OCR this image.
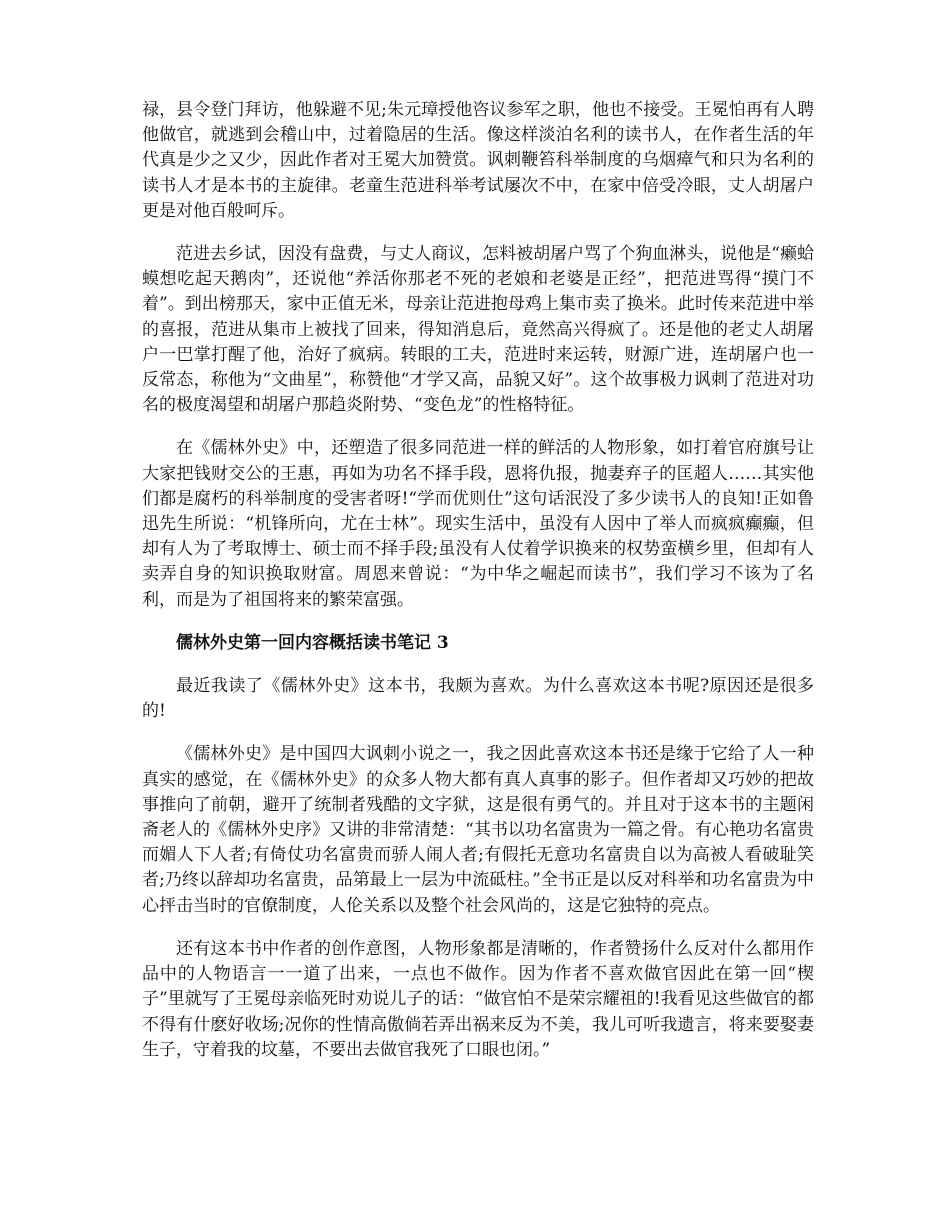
禄，县令登门拜访，他躲避不见;朱元璋授他咨议参军之职，他也不接受。王冕怕再有人聘他做官，就逃到会稽山中，过着隐居的生活。像这样淡泊名利的读书人，在作者生活的年代真是少之又少，因此作者对王冕大加赞赏。讽刺鞭笞科举制度的乌烟瘴气和只为名利的读书人才是本书的主旋律。老童生范进科举考试屡次不中，在家中倍受冷眼，丈人胡屠户更是对他百般呵斥。

范进去乡试，因没有盘费，与丈人商议，怎料被胡屠户骂了个狗血淋头，说他是“癞蛤蟆想吃起天鹅肉”，还说他“养活你那老不死的老娘和老婆是正经”，把范进骂得“摸门不着”。到出榜那天，家中正值无米，母亲让范进抱母鸡上集市卖了换米。此时传来范进中举的喜报，范进从集市上被找了回来，得知消息后，竟然高兴得疯了。还是他的老丈人胡屠户一巴掌打醒了他，治好了疯病。转眼的工夫，范进时来运转，财源广进，连胡屠户也一反常态，称他为“文曲星”，称赞他“才学又高，品貌又好”。这个故事极力讽刺了范进对功名的极度渴望和胡屠户那趋炎附势、“变色龙”的性格特征。

在《儒林外史》中，还塑造了很多同范进一样的鲜活的人物形象，如打着官府旗号让大家把钱财交公的王惠，再如为功名不择手段，恩将仇报，抛妻弃子的匡超人……其实他们都是腐朽的科举制度的受害者呀!“学而优则仕”这句话泯没了多少读书人的良知!正如鲁迅先生所说：“机锋所向，尤在士林”。现实生活中，虽没有人因中了举人而疯疯癫癫，但却有人为了考取博士、硕士而不择手段;虽没有人仗着学识换来的权势蛮横乡里，但却有人卖弄自身的知识换取财富。周恩来曾说：“为中华之崛起而读书”，我们学习不该为了名利，而是为了祖国将来的繁荣富强。

儒林外史第一回内容概括读书笔记 3

最近我读了《儒林外史》这本书，我颇为喜欢。为什么喜欢这本书呢?原因还是很多的!

《儒林外史》是中国四大讽刺小说之一，我之因此喜欢这本书还是缘于它给了人一种真实的感觉，在《儒林外史》的众多人物大都有真人真事的影子。但作者却又巧妙的把故事推向了前朝，避开了统制者残酷的文字狱，这是很有勇气的。并且对于这本书的主题闲斋老人的《儒林外史序》又讲的非常清楚：“其书以功名富贵为一篇之骨。有心艳功名富贵而媚人下人者;有倚仗功名富贵而骄人闹人者;有假托无意功名富贵自以为高被人看破耻笑者;乃终以辞却功名富贵，品第最上一层为中流砥柱。”全书正是以反对科举和功名富贵为中心抨击当时的官僚制度，人伦关系以及整个社会风尚的，这是它独特的亮点。

还有这本书中作者的创作意图，人物形象都是清晰的，作者赞扬什么反对什么都用作品中的人物语言一一道了出来，一点也不做作。因为作者不喜欢做官因此在第一回“楔子”里就写了王冕母亲临死时劝说儿子的话：“做官怕不是荣宗耀祖的!我看见这些做官的都不得有什麽好收场;况你的性情高傲倘若弄出祸来反为不美，我儿可听我遗言，将来要娶妻生子，守着我的坟墓，不要出去做官我死了口眼也闭。”
